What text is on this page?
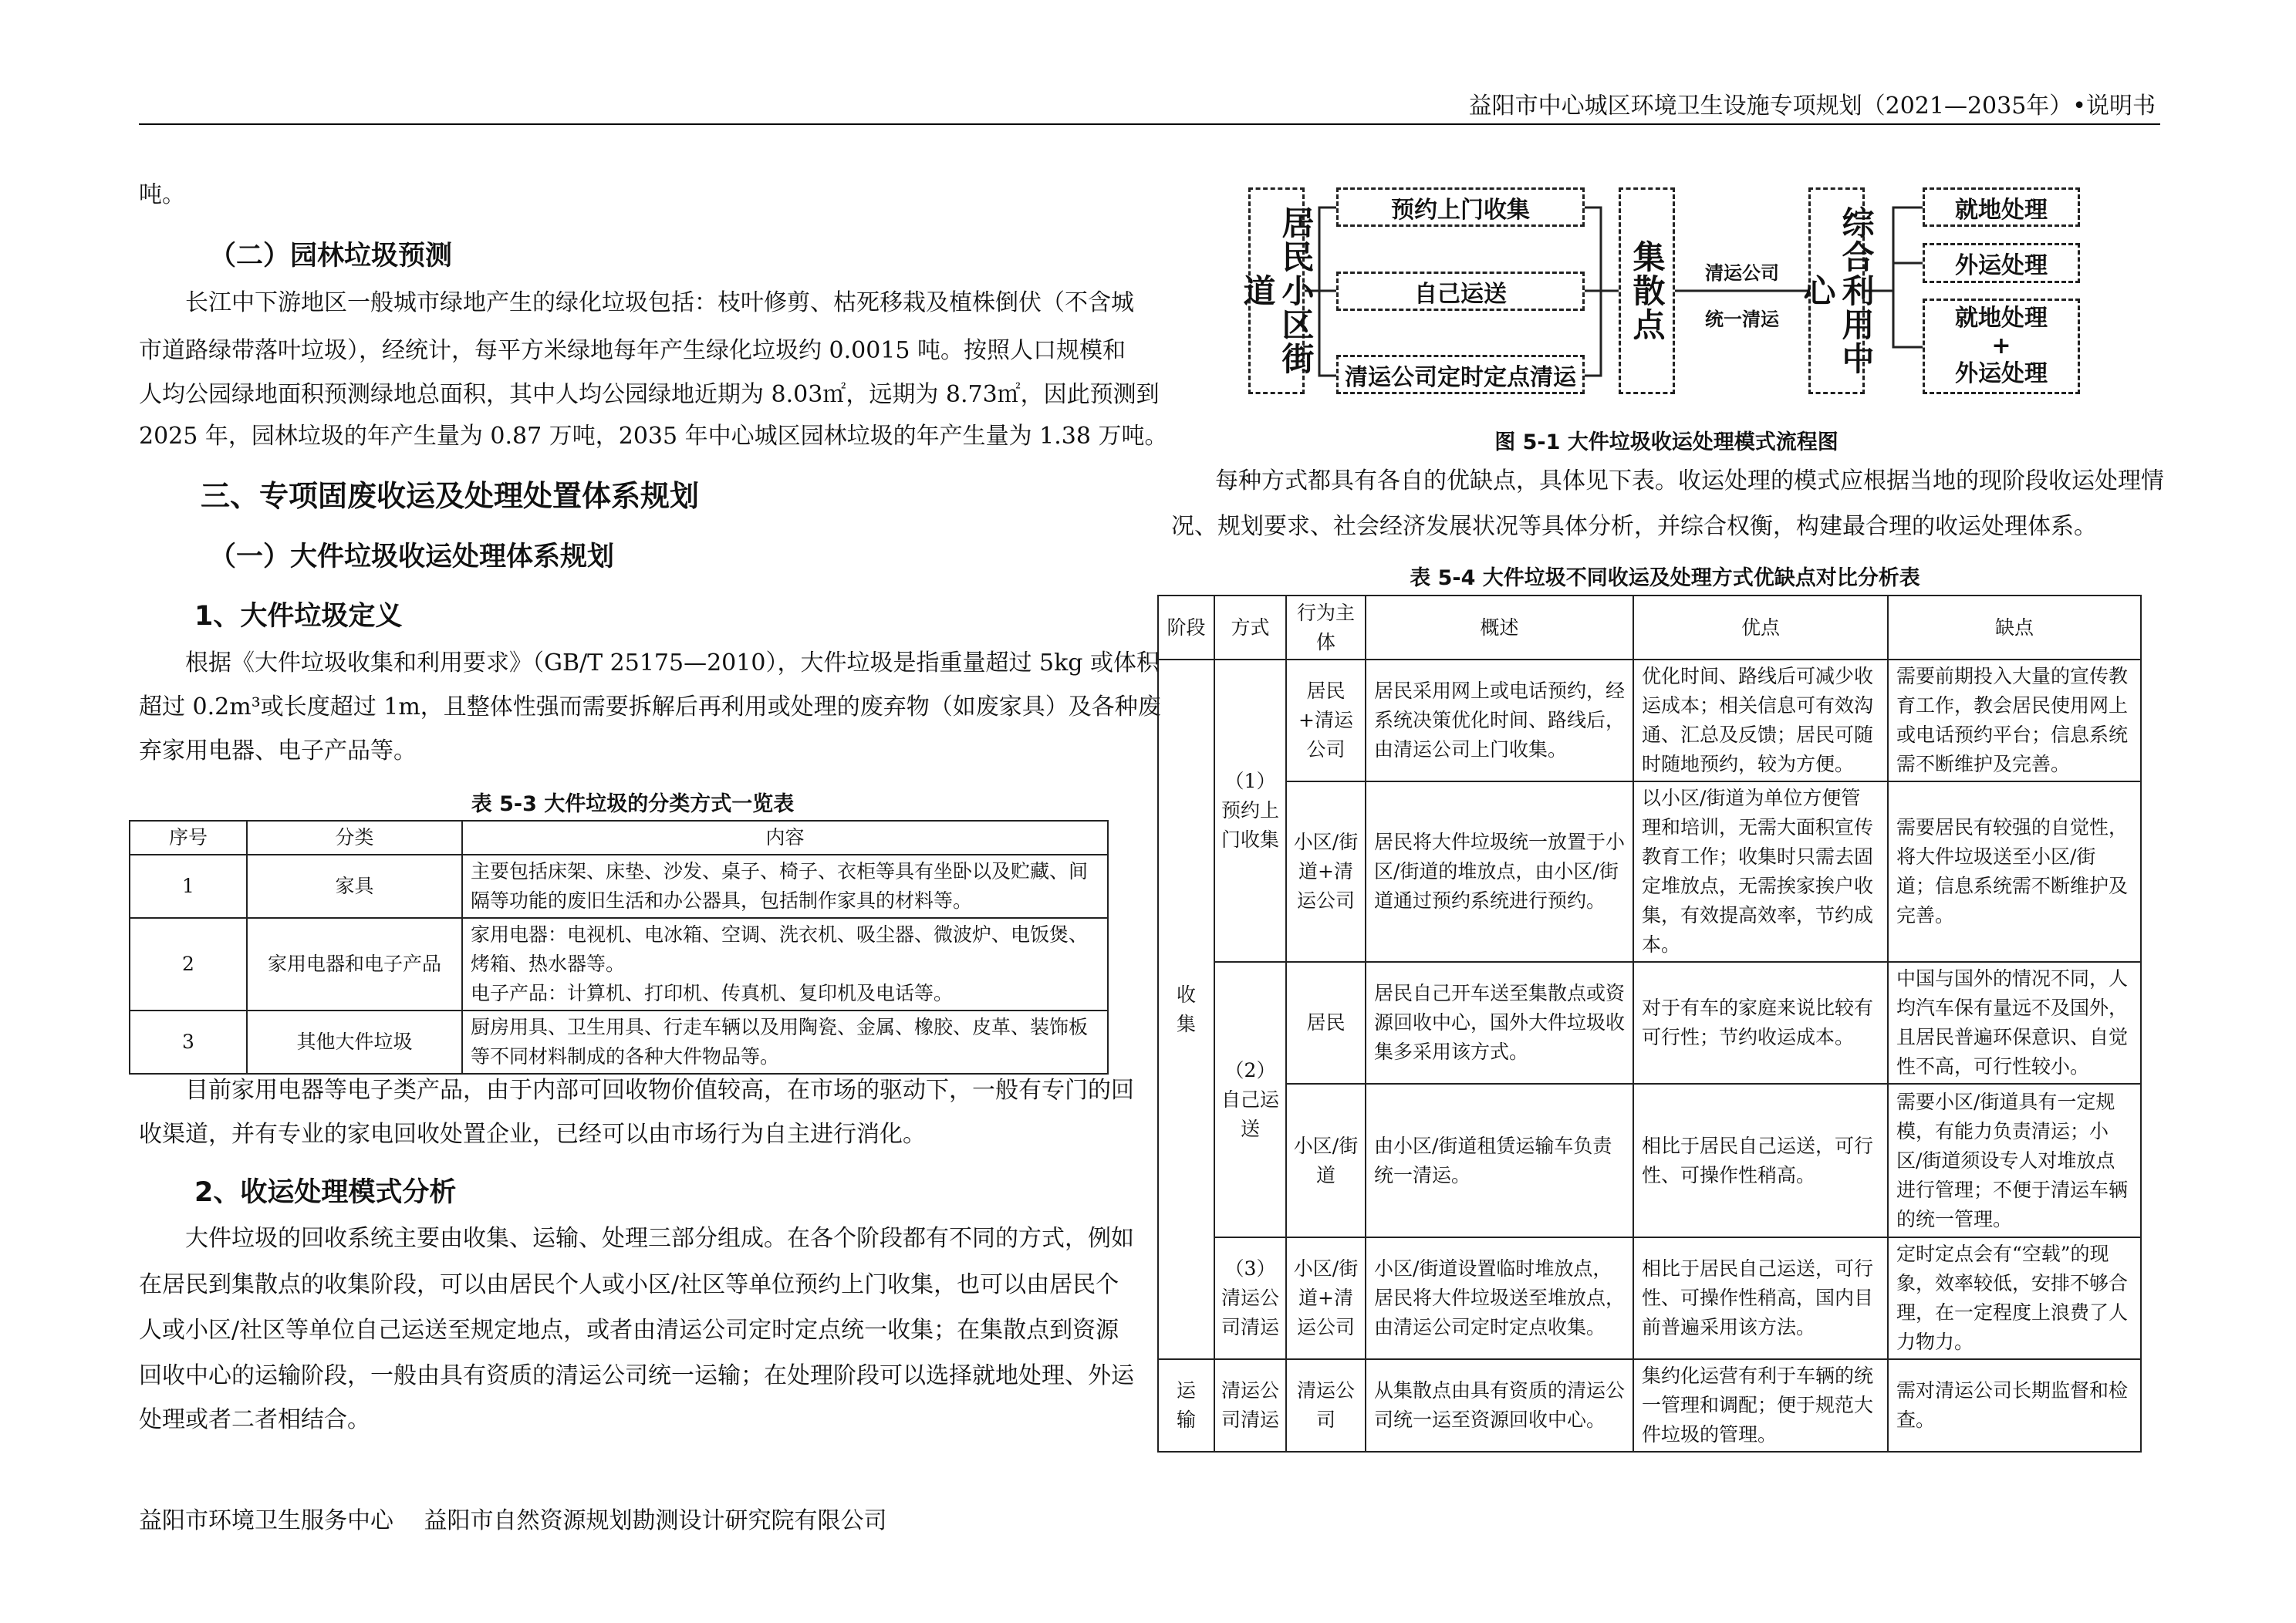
益阳市中心城区环境卫生设施专项规划（2021—2035年）•说明书
吨。
（二）园林垃圾预测
长江中下游地区一般城市绿地产生的绿化垃圾包括：枝叶修剪、枯死移栽及植株倒伏（不含城
市道路绿带落叶垃圾），经统计，每平方米绿地每年产生绿化垃圾约 0.0015 吨。按照人口规模和
人均公园绿地面积预测绿地总面积，其中人均公园绿地近期为 8.03㎡，远期为 8.73㎡，因此预测到
2025 年，园林垃圾的年产生量为 0.87 万吨，2035 年中心城区园林垃圾的年产生量为 1.38 万吨。
三、专项固废收运及处理处置体系规划
（一）大件垃圾收运处理体系规划
1、大件垃圾定义
根据《大件垃圾收集和利用要求》（GB/T 25175—2010），大件垃圾是指重量超过 5kg 或体积
超过 0.2m³或长度超过 1m，且整体性强而需要拆解后再利用或处理的废弃物（如废家具）及各种废
弃家用电器、电子产品等。
表 5-3 大件垃圾的分类方式一览表
序号	分类	内容
1	家具	主要包括床架、床垫、沙发、桌子、椅子、衣柜等具有坐卧以及贮藏、间隔等功能的废旧生活和办公器具，包括制作家具的材料等。
2	家用电器和电子产品	家用电器：电视机、电冰箱、空调、洗衣机、吸尘器、微波炉、电饭煲、烤箱、热水器等。
电子产品：计算机、打印机、传真机、复印机及电话等。

3	其他大件垃圾	厨房用具、卫生用具、行走车辆以及用陶瓷、金属、橡胶、皮革、装饰板等不同材料制成的各种大件物品等。
目前家用电器等电子类产品，由于内部可回收物价值较高，在市场的驱动下，一般有专门的回
收渠道，并有专业的家电回收处置企业，已经可以由市场行为自主进行消化。
2、收运处理模式分析
大件垃圾的回收系统主要由收集、运输、处理三部分组成。在各个阶段都有不同的方式，例如
在居民到集散点的收集阶段，可以由居民个人或小区/社区等单位预约上门收集，也可以由居民个
人或小区/社区等单位自己运送至规定地点，或者由清运公司定时定点统一收集；在集散点到资源
回收中心的运输阶段，一般由具有资质的清运公司统一运输；在处理阶段可以选择就地处理、外运
处理或者二者相结合。
居民小区街道
预约上门收集
自己运送
清运公司定时定点清运
集散点	清运公司
统一清运	综合利用中心
就地处理
外运处理
就地处理
+
外运处理
图 5-1 大件垃圾收运处理模式流程图
每种方式都具有各自的优缺点，具体见下表。收运处理的模式应根据当地的现阶段收运处理情
况、规划要求、社会经济发展状况等具体分析，并综合权衡，构建最合理的收运处理体系。
表 5-4 大件垃圾不同收运及处理方式优缺点对比分析表
阶段	方式	行为主体	概述	优点	缺点
收集	（1）预约上门收集	居民+清运公司	居民采用网上或电话预约，经系统决策优化时间、路线后，由清运公司上门收集。	优化时间、路线后可减少收运成本；相关信息可有效沟通、汇总及反馈；居民可随时随地预约，较为方便。	需要前期投入大量的宣传教育工作，教会居民使用网上或电话预约平台；信息系统需不断维护及完善。
		小区/街道+清运公司	居民将大件垃圾统一放置于小区/街道的堆放点，由小区/街道通过预约系统进行预约。	以小区/街道为单位方便管理和培训，无需大面积宣传教育工作；收集时只需去固定堆放点，无需挨家挨户收集，有效提高效率，节约成本。	需要居民有较强的自觉性，将大件垃圾送至小区/街道；信息系统需不断维护及完善。
	（2）自己运送	居民	居民自己开车送至集散点或资源回收中心，国外大件垃圾收集多采用该方式。	对于有车的家庭来说比较有可行性；节约收运成本。	中国与国外的情况不同，人均汽车保有量远不及国外，且居民普遍环保意识、自觉性不高，可行性较小。
		小区/街道	由小区/街道租赁运输车负责统一清运。	相比于居民自己运送，可行性、可操作性稍高。	需要小区/街道具有一定规模，有能力负责清运；小区/街道须设专人对堆放点进行管理；不便于清运车辆的统一管理。
	（3）清运公司清运	小区/街道+清运公司	小区/街道设置临时堆放点，居民将大件垃圾送至堆放点，由清运公司定时定点收集。	相比于居民自己运送，可行性、可操作性稍高，国内目前普遍采用该方法。	定时定点会有“空载”的现象，效率较低，安排不够合理，在一定程度上浪费了人力物力。
运输	清运公司清运	清运公司	从集散点由具有资质的清运公司统一运至资源回收中心。	集约化运营有利于车辆的统一管理和调配；便于规范大件垃圾的管理。	需对清运公司长期监督和检查。
益阳市环境卫生服务中心　 益阳市自然资源规划勘测设计研究院有限公司
